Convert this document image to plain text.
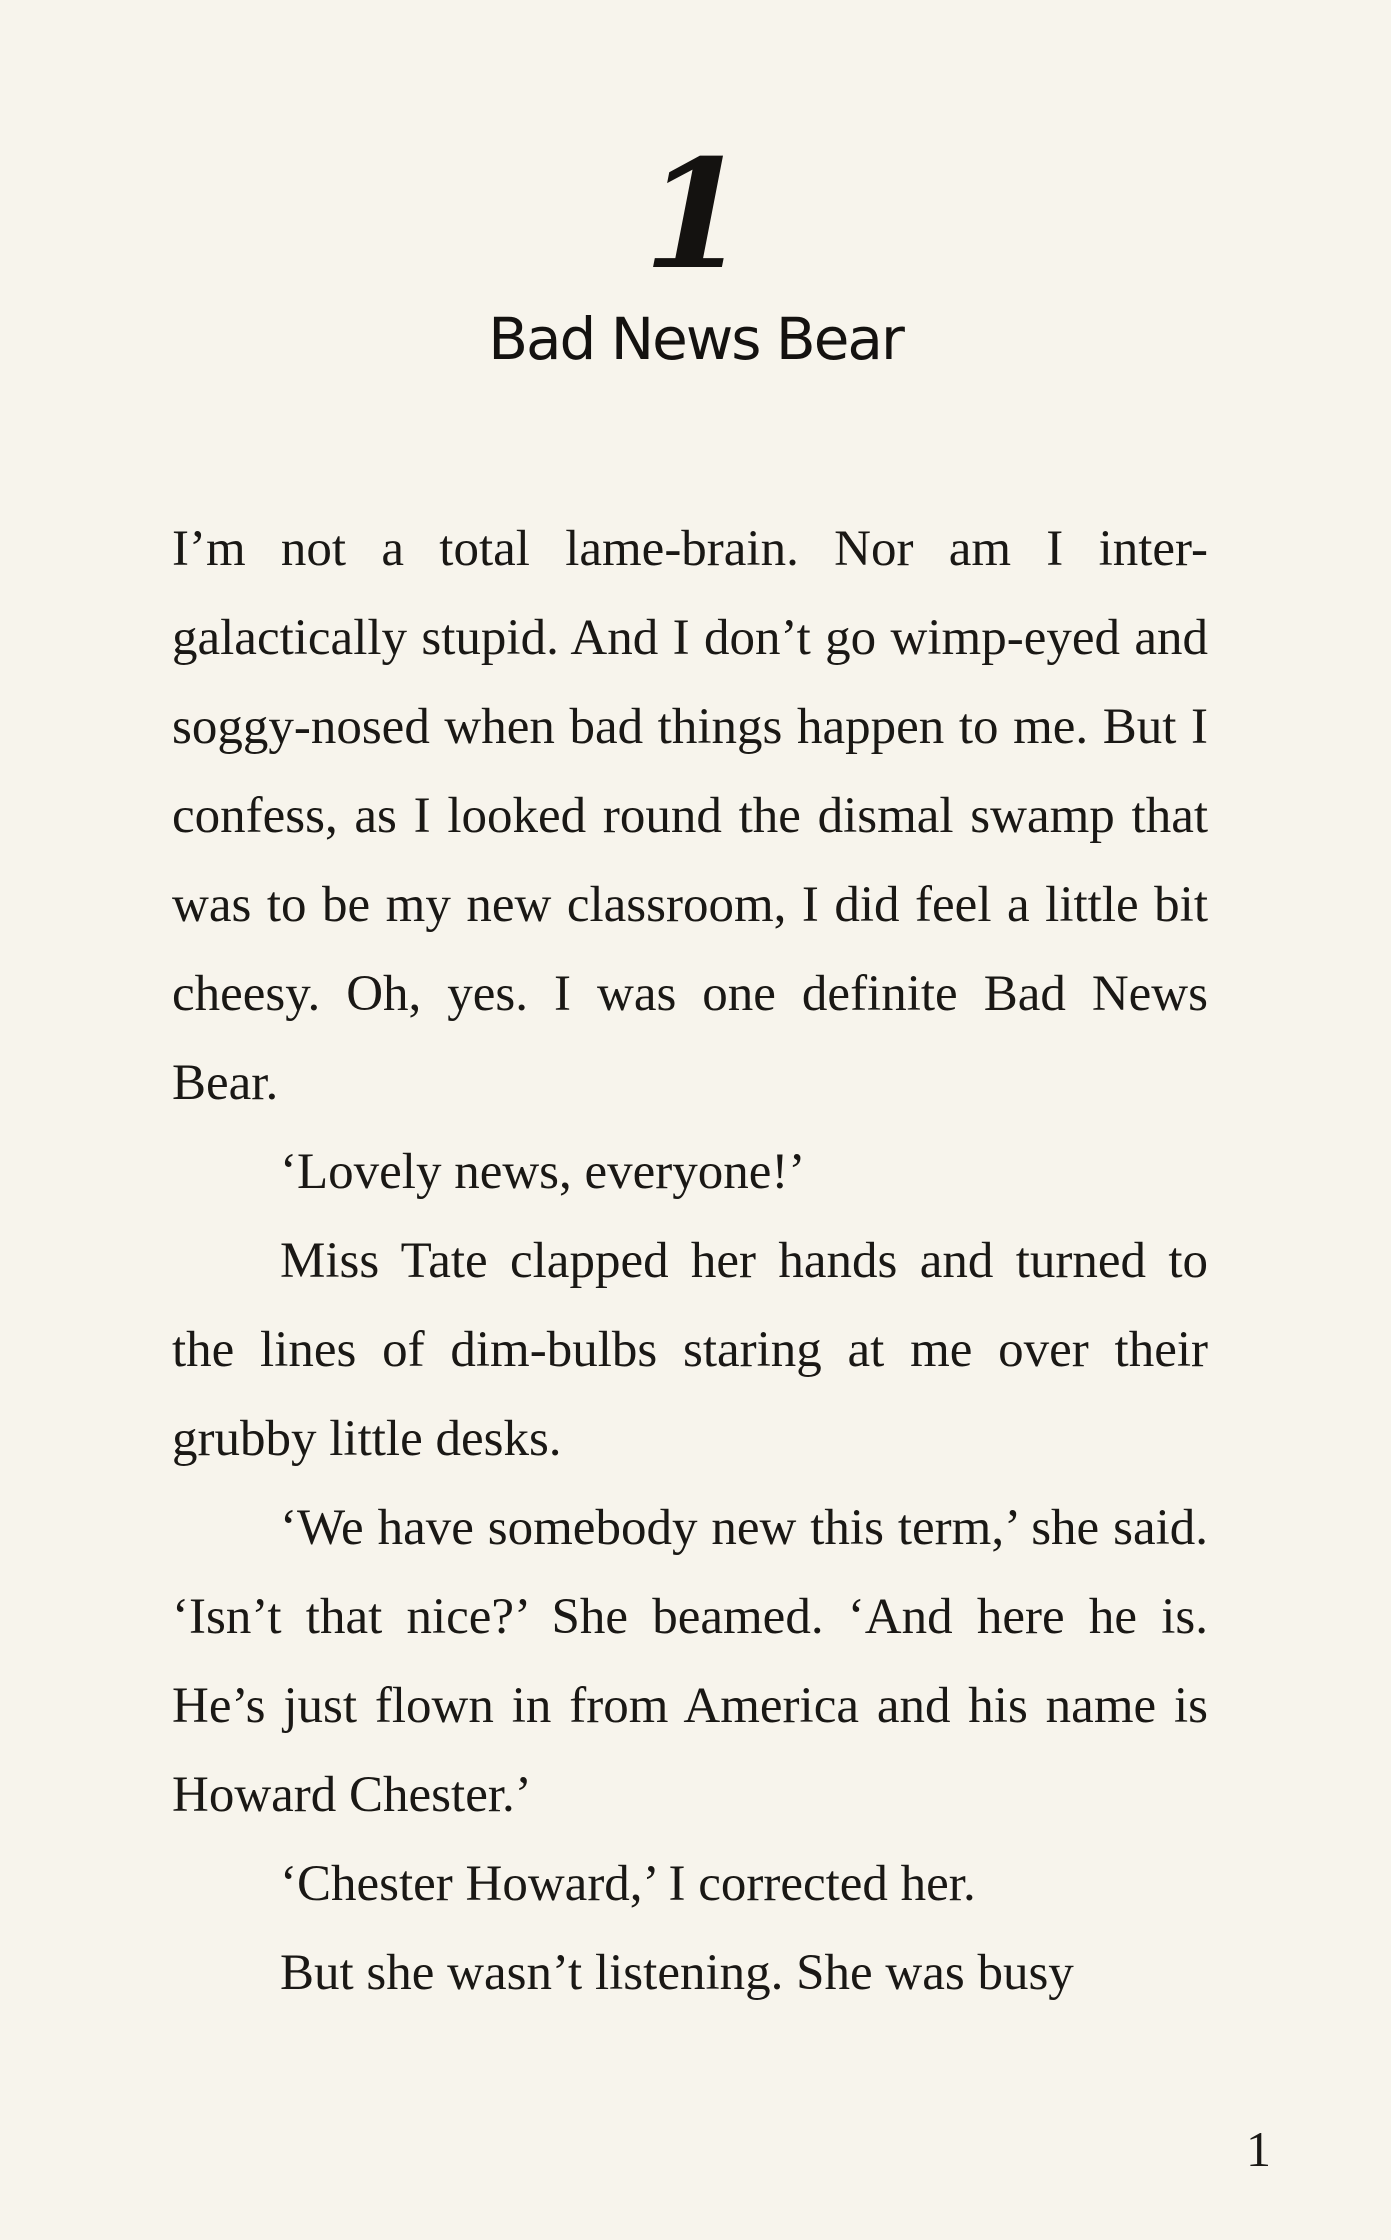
1
Bad News Bear

I’m not a total lame-brain. Nor am I inter-galactically stupid. And I don’t go wimp-eyed and soggy-nosed when bad things happen to me. But I confess, as I looked round the dismal swamp that was to be my new classroom, I did feel a little bit cheesy. Oh, yes. I was one definite Bad News Bear.

‘Lovely news, everyone!’

Miss Tate clapped her hands and turned to the lines of dim-bulbs staring at me over their grubby little desks.

‘We have somebody new this term,’ she said. ‘Isn’t that nice?’ She beamed. ‘And here he is. He’s just flown in from America and his name is Howard Chester.’

‘Chester Howard,’ I corrected her.

But she wasn’t listening. She was busy

1
